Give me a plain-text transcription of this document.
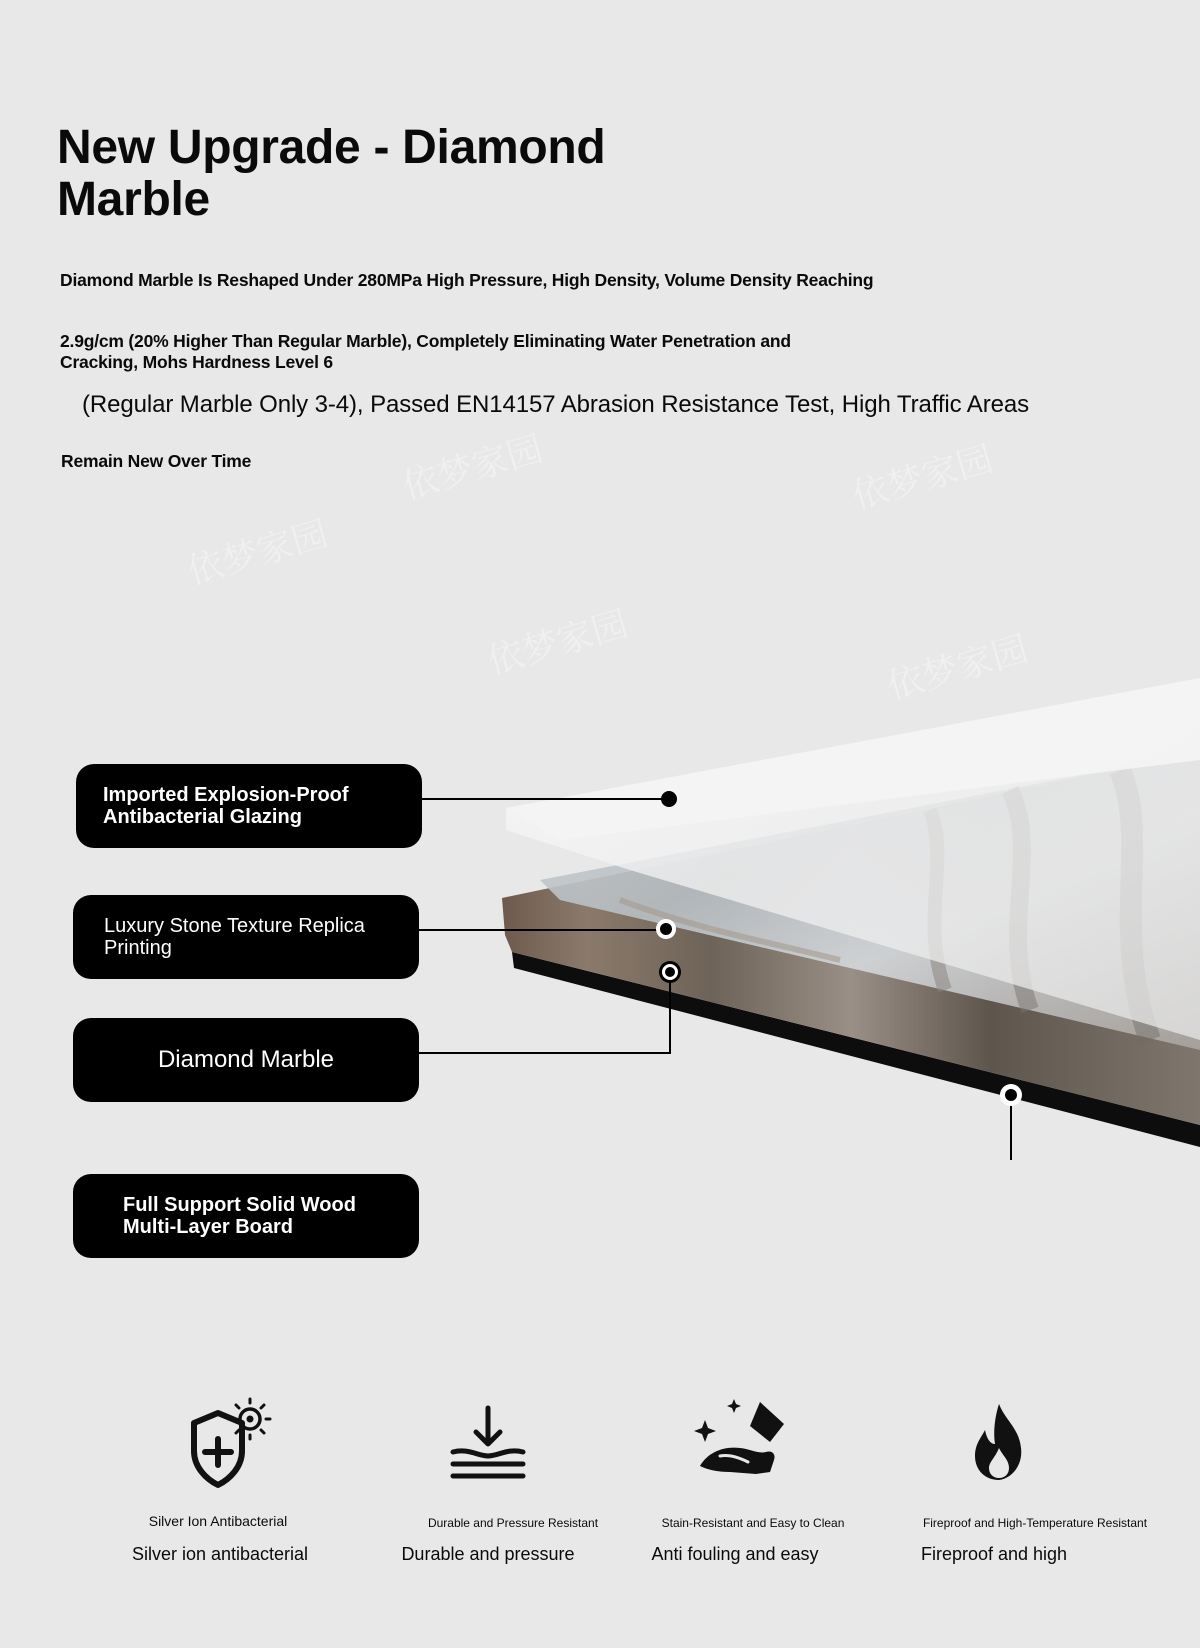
New Upgrade - Diamond Marble
Diamond Marble Is Reshaped Under 280MPa High Pressure, High Density, Volume Density Reaching
2.9g/cm (20% Higher Than Regular Marble), Completely Eliminating Water Penetration and Cracking, Mohs Hardness Level 6
(Regular Marble Only 3-4), Passed EN14157 Abrasion Resistance Test, High Traffic Areas
Remain New Over Time	依梦家园	依梦家园
依梦家园
依梦家园	依梦家园
Imported Explosion-Proof Antibacterial Glazing
Luxury Stone Texture Replica Printing
Diamond Marble
Full Support Solid Wood Multi-Layer Board
Silver Ion Antibacterial
Silver ion antibacterial
Durable and Pressure Resistant
Durable and pressure
Stain-Resistant and Easy to Clean
Anti fouling and easy
Fireproof and High-Temperature Resistant
Fireproof and high
